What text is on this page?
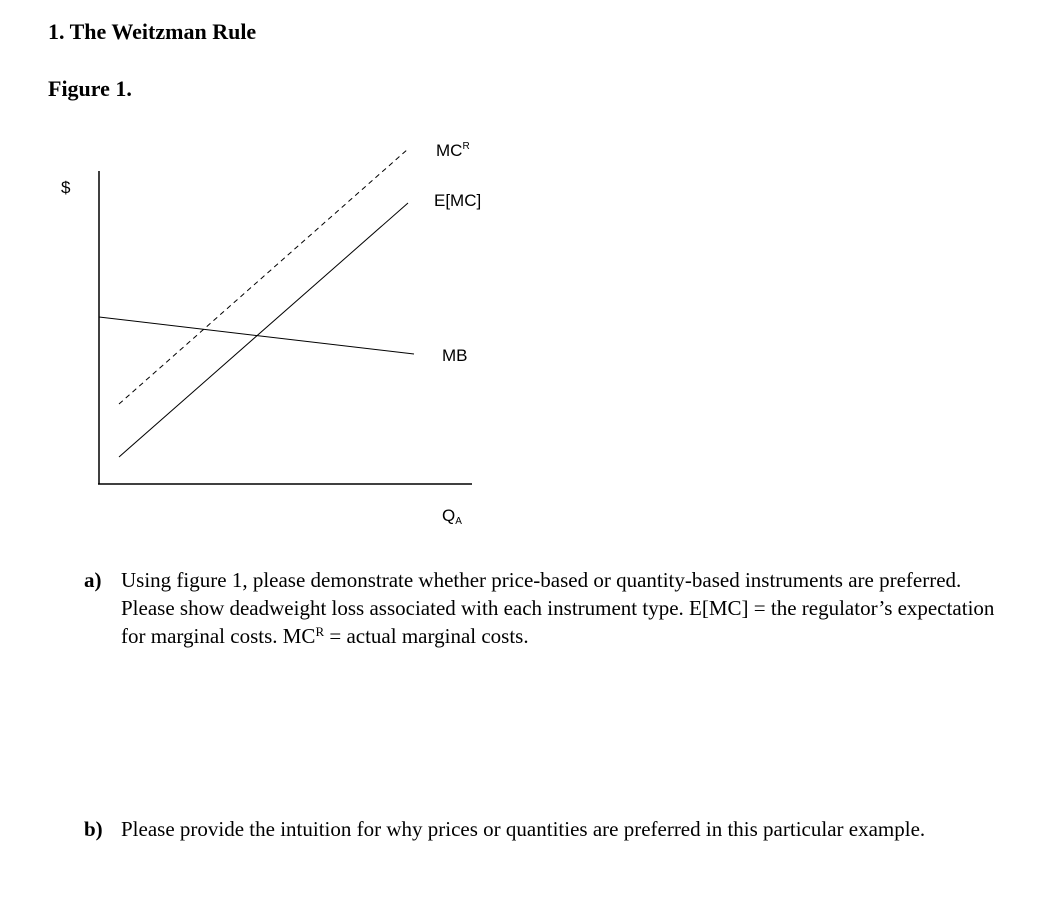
1. The Weitzman Rule
Figure 1.
$
$MC^R$
E[MC]
MB
QA
a) Using figure 1, please demonstrate whether price-based or quantity-based instruments are preferred. Please show deadweight loss associated with each instrument type. E[MC] = the regulator’s expectation for marginal costs. $MC^R$ = actual marginal costs.
b) Please provide the intuition for why prices or quantities are preferred in this particular example.
